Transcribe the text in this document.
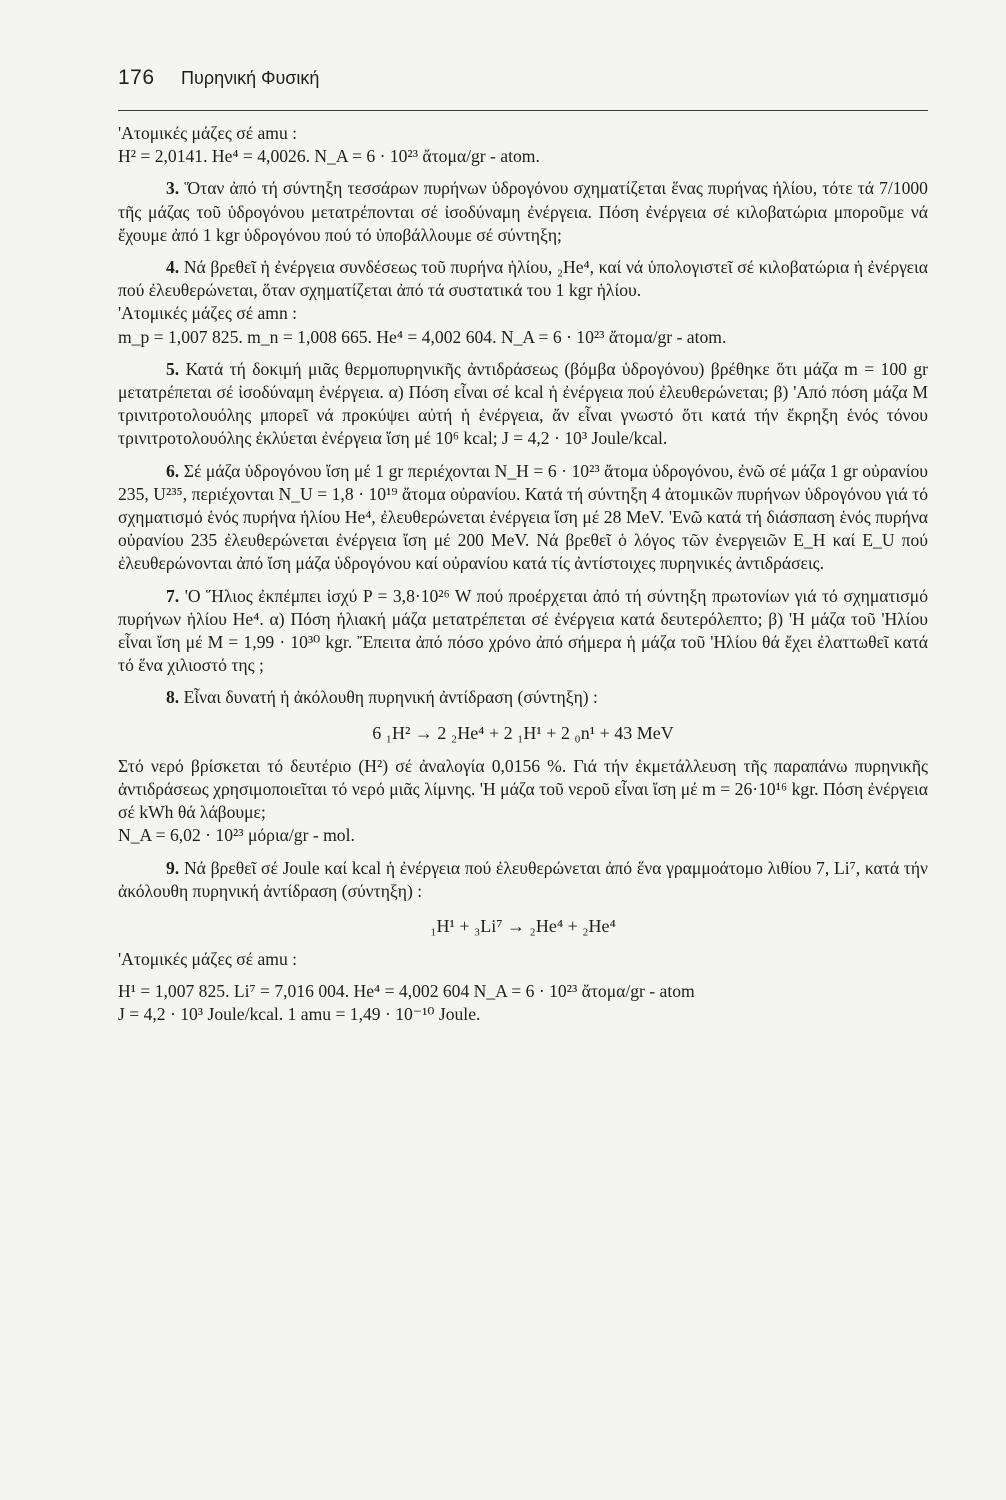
176 Πυρηνική Φυσική

'Ατομικές μάζες σέ amu :

H² = 2,0141. He⁴ = 4,0026. N_A = 6 · 10²³ ἄτομα/gr - atom.

3. Ὅταν ἀπό τή σύντηξη τεσσάρων πυρήνων ὑδρογόνου σχηματίζεται ἕνας πυρήνας ἡλίου, τότε τά 7/1000 τῆς μάζας τοῦ ὑδρογόνου μετατρέπονται σέ ἰσοδύναμη ἐνέργεια. Πόση ἐνέργεια σέ κιλοβατώρια μποροῦμε νά ἔχουμε ἀπό 1 kgr ὑδρογόνου πού τό ὑποβάλλουμε σέ σύντηξη;

4. Νά βρεθεῖ ἡ ἐνέργεια συνδέσεως τοῦ πυρήνα ἡλίου, ₂He⁴, καί νά ὑπολογιστεῖ σέ κιλοβατώρια ἡ ἐνέργεια πού ἐλευθερώνεται, ὅταν σχηματίζεται ἀπό τά συστατικά του 1 kgr ἡλίου.

'Ατομικές μάζες σέ amn :

m_p = 1,007 825. m_n = 1,008 665. He⁴ = 4,002 604. N_A = 6 · 10²³ ἄτομα/gr - atom.

5. Κατά τή δοκιμή μιᾶς θερμοπυρηνικῆς ἀντιδράσεως (βόμβα ὑδρογόνου) βρέθηκε ὅτι μάζα m = 100 gr μετατρέπεται σέ ἰσοδύναμη ἐνέργεια. α) Πόση εἶναι σέ kcal ἡ ἐνέργεια πού ἐλευθερώνεται; β) 'Από πόση μάζα M τρινιτροτολουόλης μπορεῖ νά προκύψει αὐτή ἡ ἐνέργεια, ἄν εἶναι γνωστό ὅτι κατά τήν ἔκρηξη ἑνός τόνου τρινιτροτολουόλης ἐκλύεται ἐνέργεια ἴση μέ 10⁶ kcal; J = 4,2 · 10³ Joule/kcal.

6. Σέ μάζα ὑδρογόνου ἴση μέ 1 gr περιέχονται N_H = 6 · 10²³ ἄτομα ὑδρογόνου, ἐνῶ σέ μάζα 1 gr οὐρανίου 235, U²³⁵, περιέχονται N_U = 1,8 · 10¹⁹ ἄτομα οὐρανίου. Κατά τή σύντηξη 4 ἀτομικῶν πυρήνων ὑδρογόνου γιά τό σχηματισμό ἑνός πυρήνα ἡλίου He⁴, ἐλευθερώνεται ἐνέργεια ἴση μέ 28 MeV. 'Ενῶ κατά τή διάσπαση ἑνός πυρήνα οὐρανίου 235 ἐλευθερώνεται ἐνέργεια ἴση μέ 200 MeV. Νά βρεθεῖ ὁ λόγος τῶν ἐνεργειῶν E_H καί E_U πού ἐλευθερώνονται ἀπό ἴση μάζα ὑδρογόνου καί οὐρανίου κατά τίς ἀντίστοιχες πυρηνικές ἀντιδράσεις.

7. 'Ο Ἥλιος ἐκπέμπει ἰσχύ P = 3,8·10²⁶ W πού προέρχεται ἀπό τή σύντηξη πρωτονίων γιά τό σχηματισμό πυρήνων ἡλίου He⁴. α) Πόση ἡλιακή μάζα μετατρέπεται σέ ἐνέργεια κατά δευτερόλεπτο; β) 'Η μάζα τοῦ 'Ηλίου εἶναι ἴση μέ M = 1,99 · 10³⁰ kgr. Ἔπειτα ἀπό πόσο χρόνο ἀπό σήμερα ἡ μάζα τοῦ 'Ηλίου θά ἔχει ἐλαττωθεῖ κατά τό ἕνα χιλιοστό της ;

8. Εἶναι δυνατή ἡ ἀκόλουθη πυρηνική ἀντίδραση (σύντηξη) :

6 ₁H² → 2 ₂He⁴ + 2 ₁H¹ + 2 ₀n¹ + 43 MeV

Στό νερό βρίσκεται τό δευτέριο (H²) σέ ἀναλογία 0,0156 %. Γιά τήν ἐκμετάλλευση τῆς παραπάνω πυρηνικῆς ἀντιδράσεως χρησιμοποιεῖται τό νερό μιᾶς λίμνης. 'Η μάζα τοῦ νεροῦ εἶναι ἴση μέ m = 26·10¹⁶ kgr. Πόση ἐνέργεια σέ kWh θά λάβουμε;

N_A = 6,02 · 10²³ μόρια/gr - mol.

9. Νά βρεθεῖ σέ Joule καί kcal ἡ ἐνέργεια πού ἐλευθερώνεται ἀπό ἕνα γραμμοάτομο λιθίου 7, Li⁷, κατά τήν ἀκόλουθη πυρηνική ἀντίδραση (σύντηξη) :

₁H¹ + ₃Li⁷ → ₂He⁴ + ₂He⁴

'Ατομικές μάζες σέ amu :

H¹ = 1,007 825. Li⁷ = 7,016 004. He⁴ = 4,002 604 N_A = 6 · 10²³ ἄτομα/gr - atom

J = 4,2 · 10³ Joule/kcal. 1 amu = 1,49 · 10⁻¹⁰ Joule.
